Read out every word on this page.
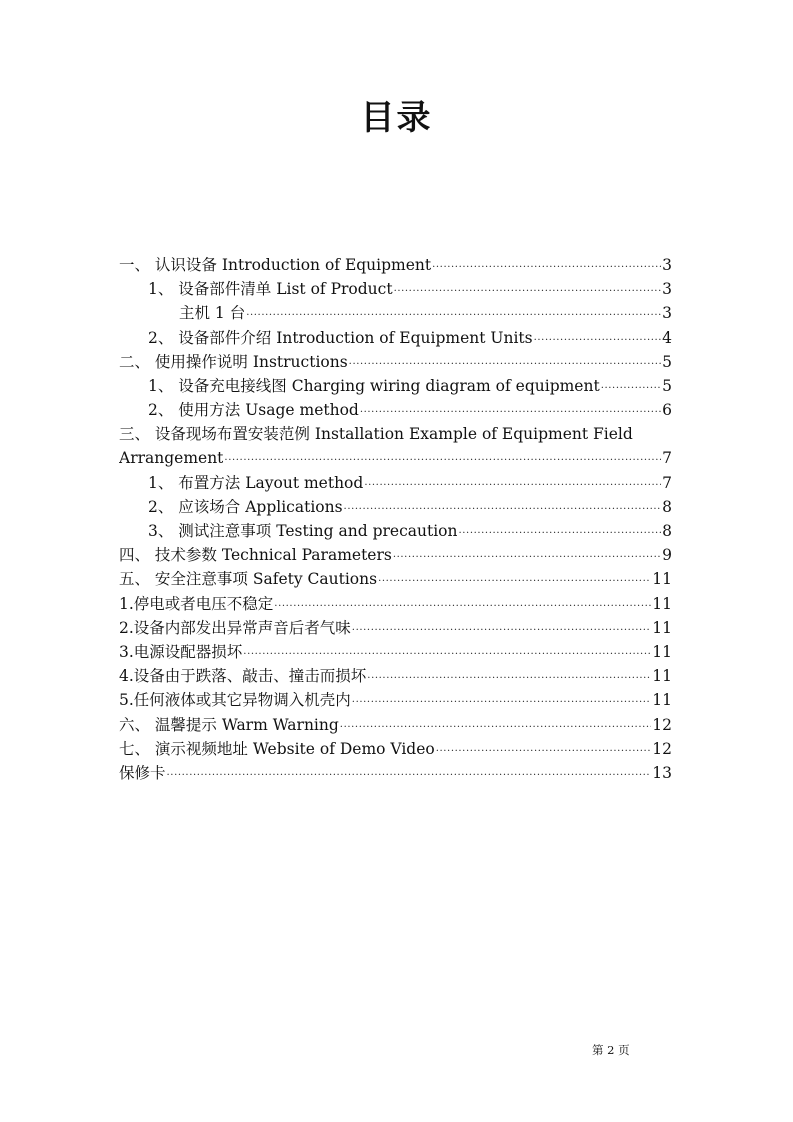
目录
一、 认识设备 Introduction of Equipment .....	3
1、 设备部件清单 List of Product .....	3
主机 1 台 .....	3
2、 设备部件介绍 Introduction of Equipment Units .....	4
二、 使用操作说明 Instructions .....	5
1、 设备充电接线图 Charging wiring diagram of equipment .....	5
2、 使用方法 Usage method .....	6
三、 设备现场布置安装范例 Installation Example of Equipment Field
Arrangement .....	7
1、 布置方法 Layout method .....	7
2、 应该场合 Applications .....	8
3、 测试注意事项 Testing and precaution .....	8
四、 技术参数 Technical Parameters .....	9
五、 安全注意事项 Safety Cautions .....	11
1.停电或者电压不稳定 .....	11
2.设备内部发出异常声音后者气味 .....	11
3.电源设配器损坏 .....	11
4.设备由于跌落、敲击、撞击而损坏 .....	11
5.任何液体或其它异物调入机壳内 .....	11
六、 温馨提示 Warm Warning .....	12
七、 演示视频地址 Website of Demo Video .....	12
保修卡 .....	13
第 2 页
